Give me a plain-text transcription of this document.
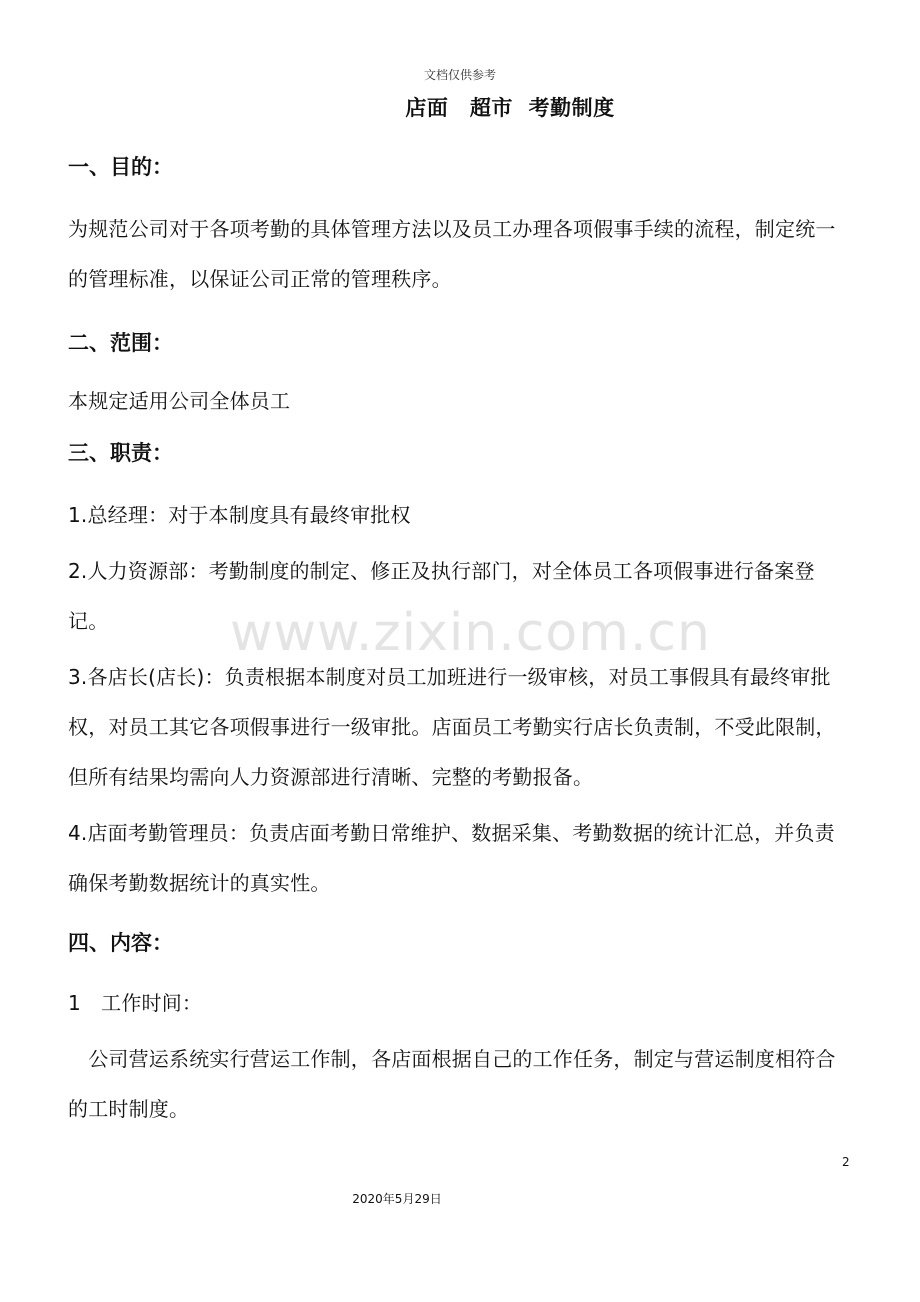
文档仅供参考
店面　超市 考勤制度
www.zixin.com.cn
一、目的：
为规范公司对于各项考勤的具体管理方法以及员工办理各项假事手续的流程，制定统一的管理标准，以保证公司正常的管理秩序。
二、范围：
本规定适用公司全体员工
三、职责：
1.总经理：对于本制度具有最终审批权
2.人力资源部：考勤制度的制定、修正及执行部门，对全体员工各项假事进行备案登记。
3.各店长(店长)：负责根据本制度对员工加班进行一级审核，对员工事假具有最终审批权，对员工其它各项假事进行一级审批。店面员工考勤实行店长负责制，不受此限制，但所有结果均需向人力资源部进行清晰、完整的考勤报备。
4.店面考勤管理员：负责店面考勤日常维护、数据采集、考勤数据的统计汇总，并负责确保考勤数据统计的真实性。
四、内容：
1　工作时间：
　公司营运系统实行营运工作制，各店面根据自己的工作任务，制定与营运制度相符合的工时制度。
2
2020年5月29日
